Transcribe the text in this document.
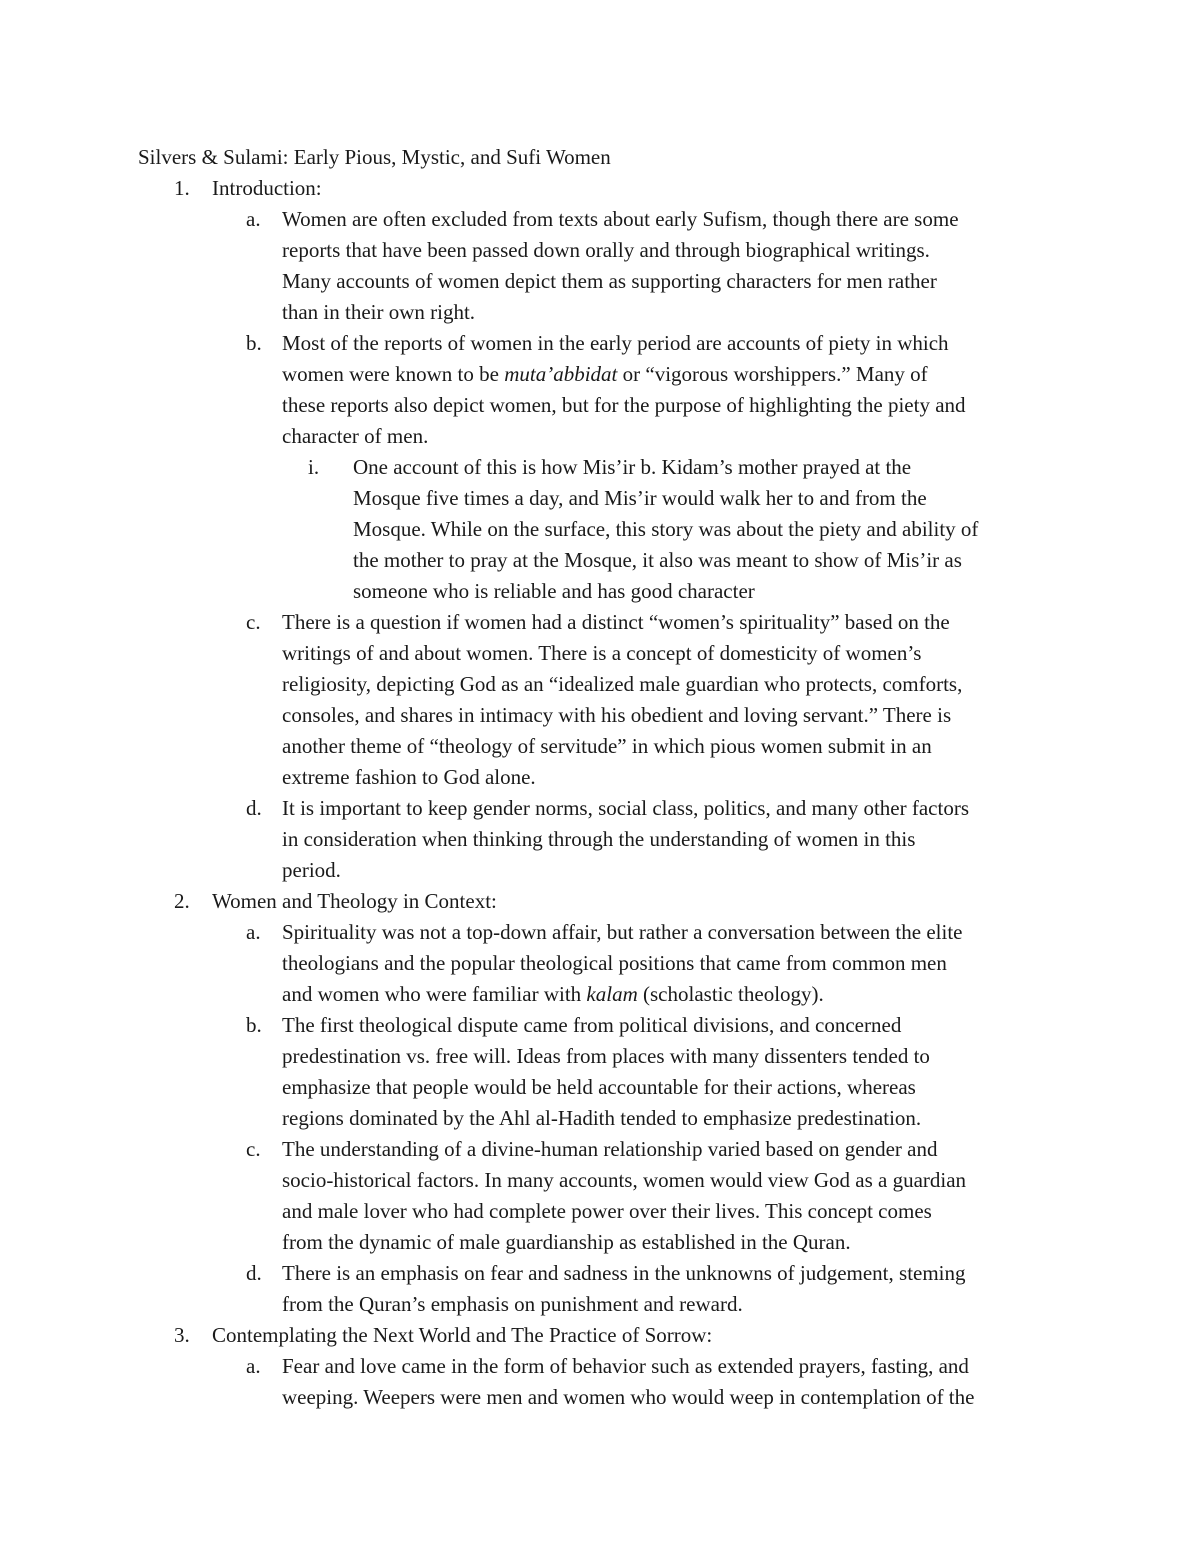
Silvers & Sulami: Early Pious, Mystic, and Sufi Women
1. Introduction:
a. Women are often excluded from texts about early Sufism, though there are some
reports that have been passed down orally and through biographical writings.
Many accounts of women depict them as supporting characters for men rather
than in their own right.
b. Most of the reports of women in the early period are accounts of piety in which
women were known to be muta’abbidat or “vigorous worshippers.” Many of
these reports also depict women, but for the purpose of highlighting the piety and
character of men.
i. One account of this is how Mis’ir b. Kidam’s mother prayed at the
Mosque five times a day, and Mis’ir would walk her to and from the
Mosque. While on the surface, this story was about the piety and ability of
the mother to pray at the Mosque, it also was meant to show of Mis’ir as
someone who is reliable and has good character
c. There is a question if women had a distinct “women’s spirituality” based on the
writings of and about women. There is a concept of domesticity of women’s
religiosity, depicting God as an “idealized male guardian who protects, comforts,
consoles, and shares in intimacy with his obedient and loving servant.” There is
another theme of “theology of servitude” in which pious women submit in an
extreme fashion to God alone.
d. It is important to keep gender norms, social class, politics, and many other factors
in consideration when thinking through the understanding of women in this
period.
2. Women and Theology in Context:
a. Spirituality was not a top-down affair, but rather a conversation between the elite
theologians and the popular theological positions that came from common men
and women who were familiar with kalam (scholastic theology).
b. The first theological dispute came from political divisions, and concerned
predestination vs. free will. Ideas from places with many dissenters tended to
emphasize that people would be held accountable for their actions, whereas
regions dominated by the Ahl al-Hadith tended to emphasize predestination.
c. The understanding of a divine-human relationship varied based on gender and
socio-historical factors. In many accounts, women would view God as a guardian
and male lover who had complete power over their lives. This concept comes
from the dynamic of male guardianship as established in the Quran.
d. There is an emphasis on fear and sadness in the unknowns of judgement, steming
from the Quran’s emphasis on punishment and reward.
3. Contemplating the Next World and The Practice of Sorrow:
a. Fear and love came in the form of behavior such as extended prayers, fasting, and
weeping. Weepers were men and women who would weep in contemplation of the
